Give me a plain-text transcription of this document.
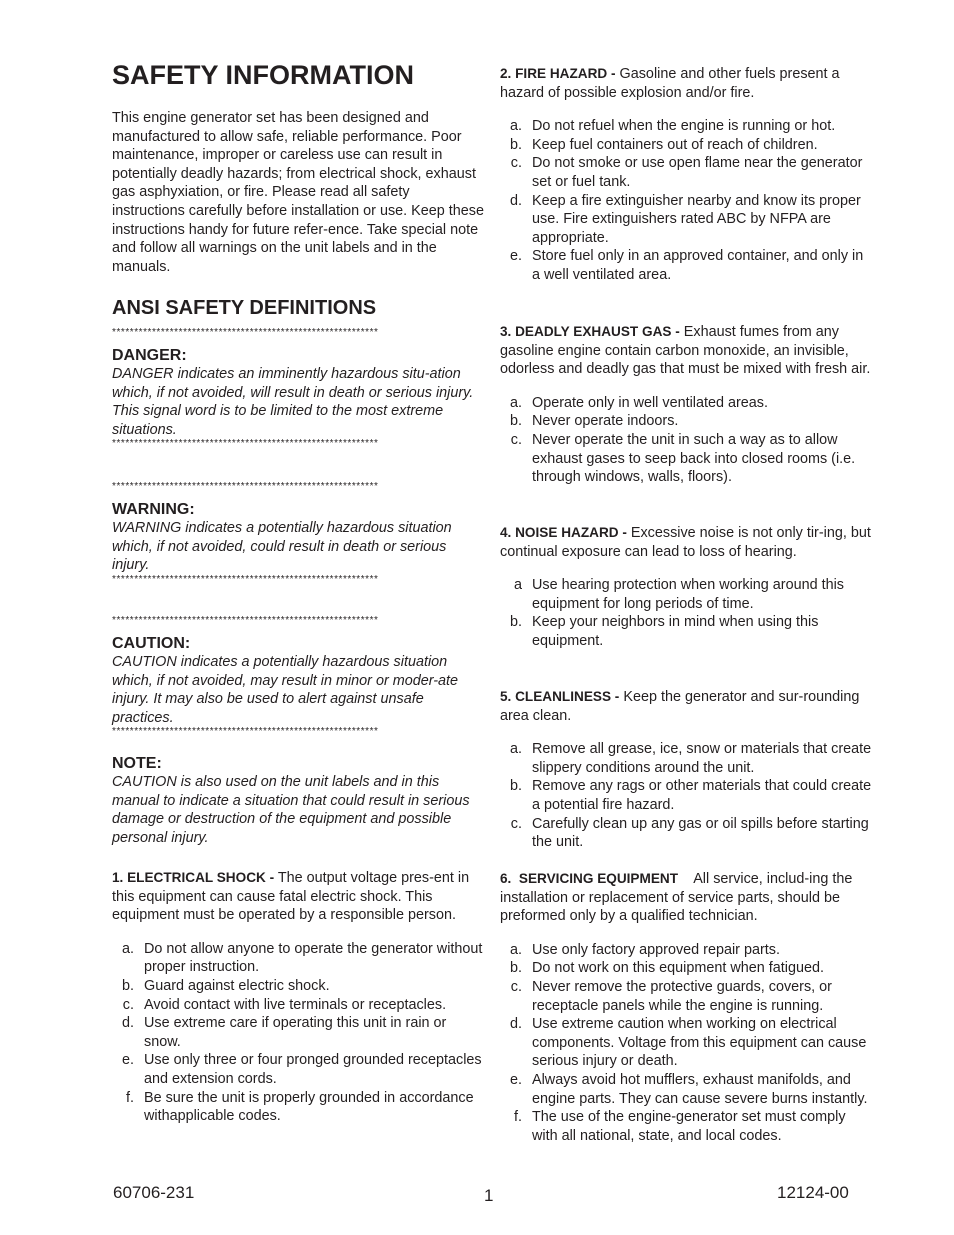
SAFETY INFORMATION

This engine generator set has been designed and manufactured to allow safe, reliable performance. Poor maintenance, improper or careless use can result in potentially deadly hazards; from electrical shock, exhaust gas asphyxiation, or fire. Please read all safety instructions carefully before installation or use. Keep these instructions handy for future refer-ence. Take special note and follow all warnings on the unit labels and in the manuals.

ANSI SAFETY DEFINITIONS
************************************************************
DANGER:

DANGER indicates an imminently hazardous situ-ation which, if not avoided, will result in death or serious injury. This signal word is to be limited to the most extreme situations.

************************************************************
************************************************************
WARNING:

WARNING indicates a potentially hazardous situation which, if not avoided, could result in death or serious injury.

************************************************************
************************************************************
CAUTION:

CAUTION indicates a potentially hazardous situation which, if not avoided, may result in minor or moder-ate injury. It may also be used to alert against unsafe practices.

************************************************************
NOTE:

CAUTION is also used on the unit labels and in this manual to indicate a situation that could result in serious damage or destruction of the equipment and possible personal injury.

1. ELECTRICAL SHOCK - The output voltage pres-ent in this equipment can cause fatal electric shock. This equipment must be operated by a responsible person.

a. Do not allow anyone to operate the generator without proper instruction.
b. Guard against electric shock.
c. Avoid contact with live terminals or receptacles.
d. Use extreme care if operating this unit in rain or snow.
e. Use only three or four pronged grounded receptacles and extension cords.
f. Be sure the unit is properly grounded in accordance withapplicable codes.

2. FIRE HAZARD - Gasoline and other fuels present a hazard of possible explosion and/or fire.

a. Do not refuel when the engine is running or hot.
b. Keep fuel containers out of reach of children.
c. Do not smoke or use open flame near the generator set or fuel tank.
d. Keep a fire extinguisher nearby and know its proper use. Fire extinguishers rated ABC by NFPA are appropriate.
e. Store fuel only in an approved container, and only in a well ventilated area.

3. DEADLY EXHAUST GAS - Exhaust fumes from any gasoline engine contain carbon monoxide, an invisible, odorless and deadly gas that must be mixed with fresh air.

a. Operate only in well ventilated areas.
b. Never operate indoors.
c. Never operate the unit in such a way as to allow exhaust gases to seep back into closed rooms (i.e. through windows, walls, floors).

4. NOISE HAZARD - Excessive noise is not only tir-ing, but continual exposure can lead to loss of hearing.

a Use hearing protection when working around this equipment for long periods of time.
b. Keep your neighbors in mind when using this equipment.

5. CLEANLINESS - Keep the generator and sur-rounding area clean.

a. Remove all grease, ice, snow or materials that create slippery conditions around the unit.
b. Remove any rags or other materials that could create a potential fire hazard.
c. Carefully clean up any gas or oil spills before starting the unit.

6.  SERVICING EQUIPMENT    All service, includ-ing the installation or replacement of service parts, should be preformed only by a qualified technician.

a. Use only factory approved repair parts.
b. Do not work on this equipment when fatigued.
c. Never remove the protective guards, covers, or receptacle panels while the engine is running.
d. Use extreme caution when working on electrical components. Voltage from this equipment can cause serious injury or death.
e. Always avoid hot mufflers, exhaust manifolds, and engine parts. They can cause severe burns instantly.
f. The use of the engine-generator set must comply with all national, state, and local codes.
60706-231	1	12124-00
